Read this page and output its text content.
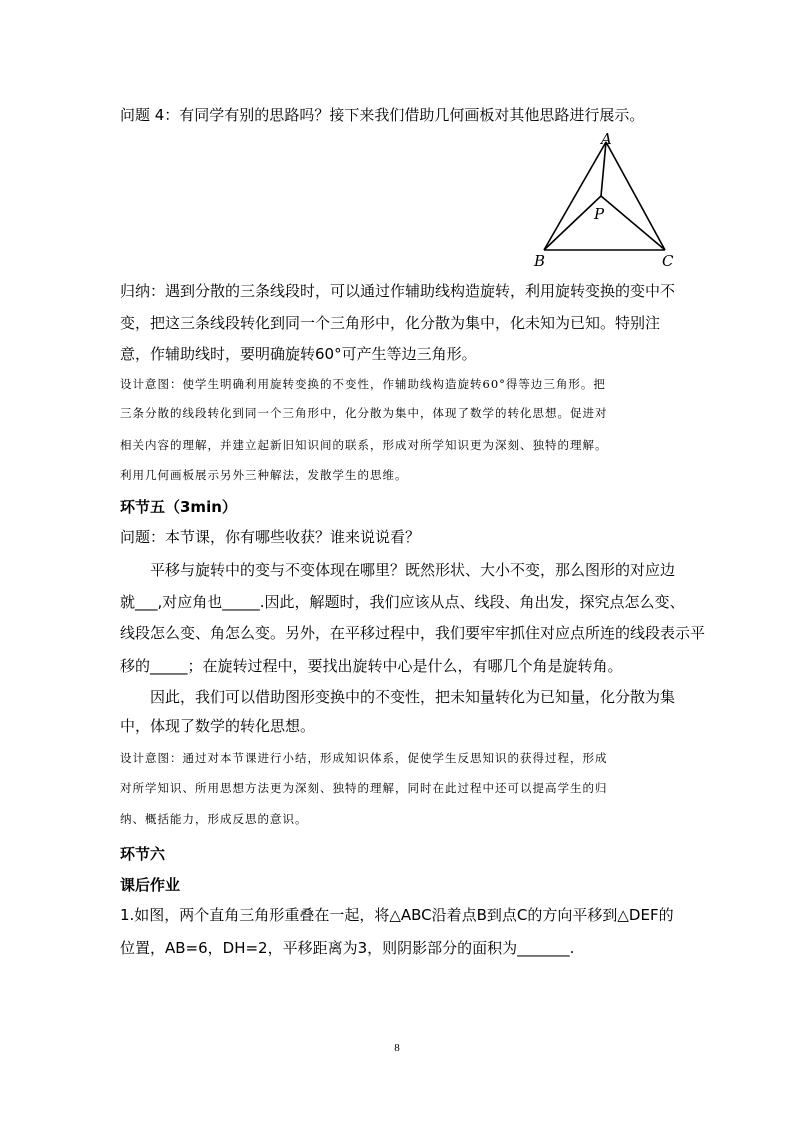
问题 4：有同学有别的思路吗？接下来我们借助几何画板对其他思路进行展示。
A
P
B	C
归纳：遇到分散的三条线段时，可以通过作辅助线构造旋转，利用旋转变换的变中不
变，把这三条线段转化到同一个三角形中，化分散为集中，化未知为已知。特别注
意，作辅助线时，要明确旋转60°可产生等边三角形。
设计意图：使学生明确利用旋转变换的不变性，作辅助线构造旋转60°得等边三角形。把
三条分散的线段转化到同一个三角形中，化分散为集中，体现了数学的转化思想。促进对
相关内容的理解，并建立起新旧知识间的联系，形成对所学知识更为深刻、独特的理解。
利用几何画板展示另外三种解法，发散学生的思维。
环节五（3min）
问题：本节课，你有哪些收获？谁来说说看？
平移与旋转中的变与不变体现在哪里？既然形状、大小不变，那么图形的对应边
就___,对应角也_____.因此，解题时，我们应该从点、线段、角出发，探究点怎么变、
线段怎么变、角怎么变。另外，在平移过程中，我们要牢牢抓住对应点所连的线段表示平
移的_____；在旋转过程中，要找出旋转中心是什么，有哪几个角是旋转角。
因此，我们可以借助图形变换中的不变性，把未知量转化为已知量，化分散为集
中，体现了数学的转化思想。
设计意图：通过对本节课进行小结，形成知识体系，促使学生反思知识的获得过程，形成
对所学知识、所用思想方法更为深刻、独特的理解，同时在此过程中还可以提高学生的归
纳、概括能力，形成反思的意识。
环节六
课后作业
1.如图，两个直角三角形重叠在一起，将△ABC沿着点B到点C的方向平移到△DEF的
位置，AB=6，DH=2，平移距离为3，则阴影部分的面积为_______.
8
